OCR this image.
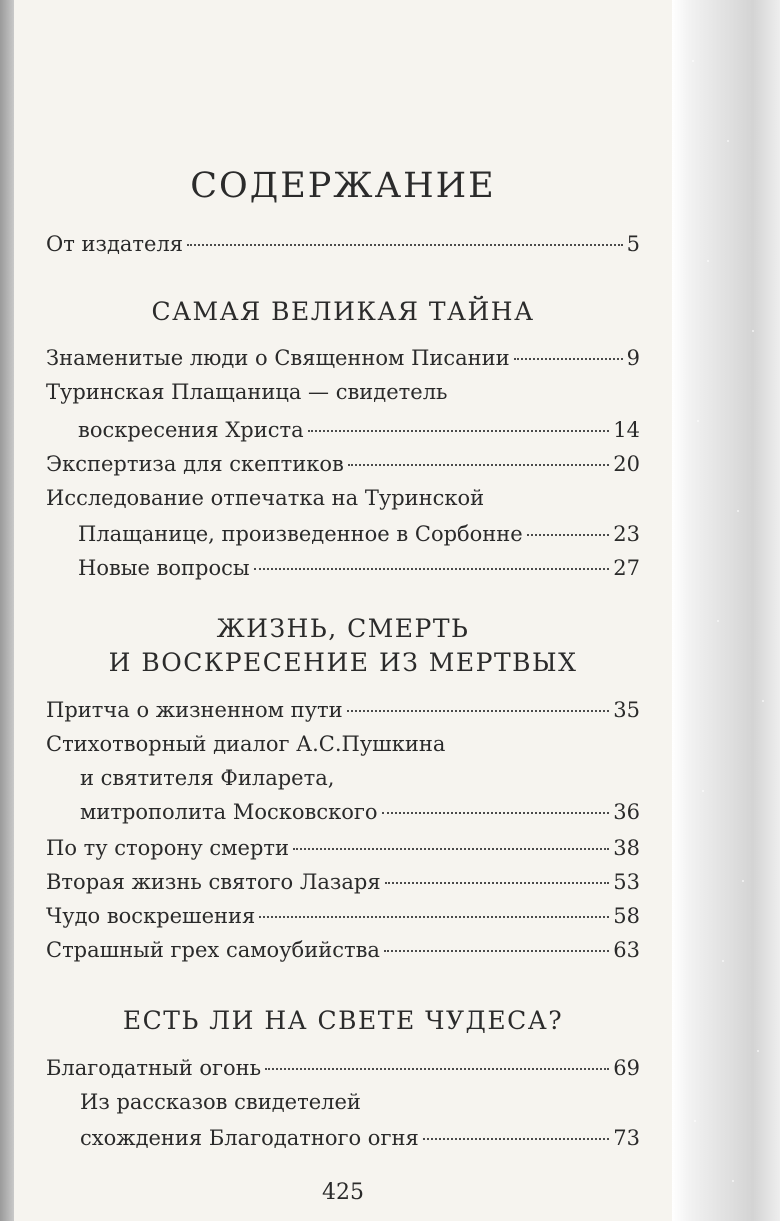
СОДЕРЖАНИЕ
От издателя	5
САМАЯ ВЕЛИКАЯ ТАЙНА
Знаменитые люди о Священном Писании	9
Туринская Плащаница — свидетель
воскресения Христа	14
Экспертиза для скептиков	20
Исследование отпечатка на Туринской
Плащанице, произведенное в Сорбонне	23
Новые вопросы	27
ЖИЗНЬ, СМЕРТЬ
И ВОСКРЕСЕНИЕ ИЗ МЕРТВЫХ
Притча о жизненном пути	35
Стихотворный диалог А.С.Пушкина
и святителя Филарета,
митрополита Московского	36
По ту сторону смерти	38
Вторая жизнь святого Лазаря	53
Чудо воскрешения	58
Страшный грех самоубийства	63
ЕСТЬ ЛИ НА СВЕТЕ ЧУДЕСА?
Благодатный огонь	69
Из рассказов свидетелей
схождения Благодатного огня	73
425
